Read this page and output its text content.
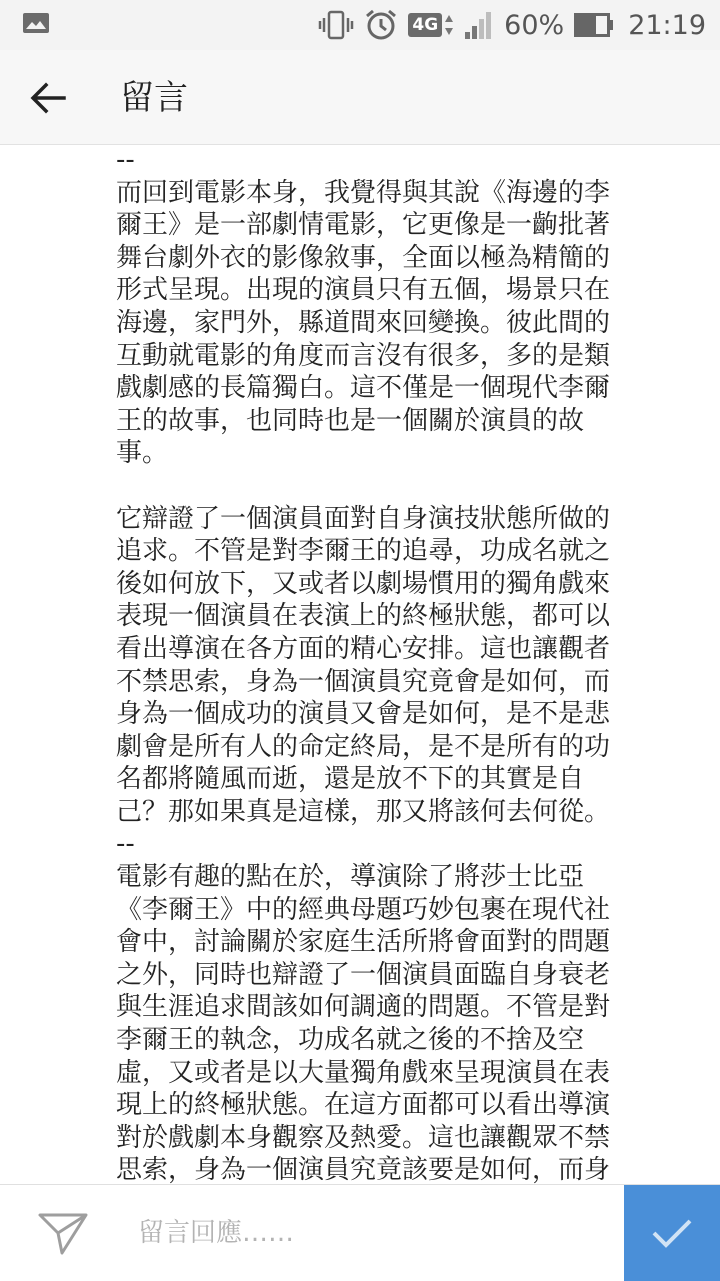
4G 60% 21:19
留言
--
而回到電影本身，我覺得與其說《海邊的李
爾王》是一部劇情電影，它更像是一齣批著
舞台劇外衣的影像敘事，全面以極為精簡的
形式呈現。出現的演員只有五個，場景只在
海邊，家門外，縣道間來回變換。彼此間的
互動就電影的角度而言沒有很多，多的是類
戲劇感的長篇獨白。這不僅是一個現代李爾
王的故事，也同時也是一個關於演員的故
事。
它辯證了一個演員面對自身演技狀態所做的
追求。不管是對李爾王的追尋，功成名就之
後如何放下，又或者以劇場慣用的獨角戲來
表現一個演員在表演上的終極狀態，都可以
看出導演在各方面的精心安排。這也讓觀者
不禁思索，身為一個演員究竟會是如何，而
身為一個成功的演員又會是如何，是不是悲
劇會是所有人的命定終局，是不是所有的功
名都將隨風而逝，還是放不下的其實是自
己？那如果真是這樣，那又將該何去何從。
--
電影有趣的點在於，導演除了將莎士比亞
《李爾王》中的經典母題巧妙包裹在現代社
會中，討論關於家庭生活所將會面對的問題
之外，同時也辯證了一個演員面臨自身衰老
與生涯追求間該如何調適的問題。不管是對
李爾王的執念，功成名就之後的不捨及空
虛，又或者是以大量獨角戲來呈現演員在表
現上的終極狀態。在這方面都可以看出導演
對於戲劇本身觀察及熱愛。這也讓觀眾不禁
思索，身為一個演員究竟該要是如何，而身
留言回應……
